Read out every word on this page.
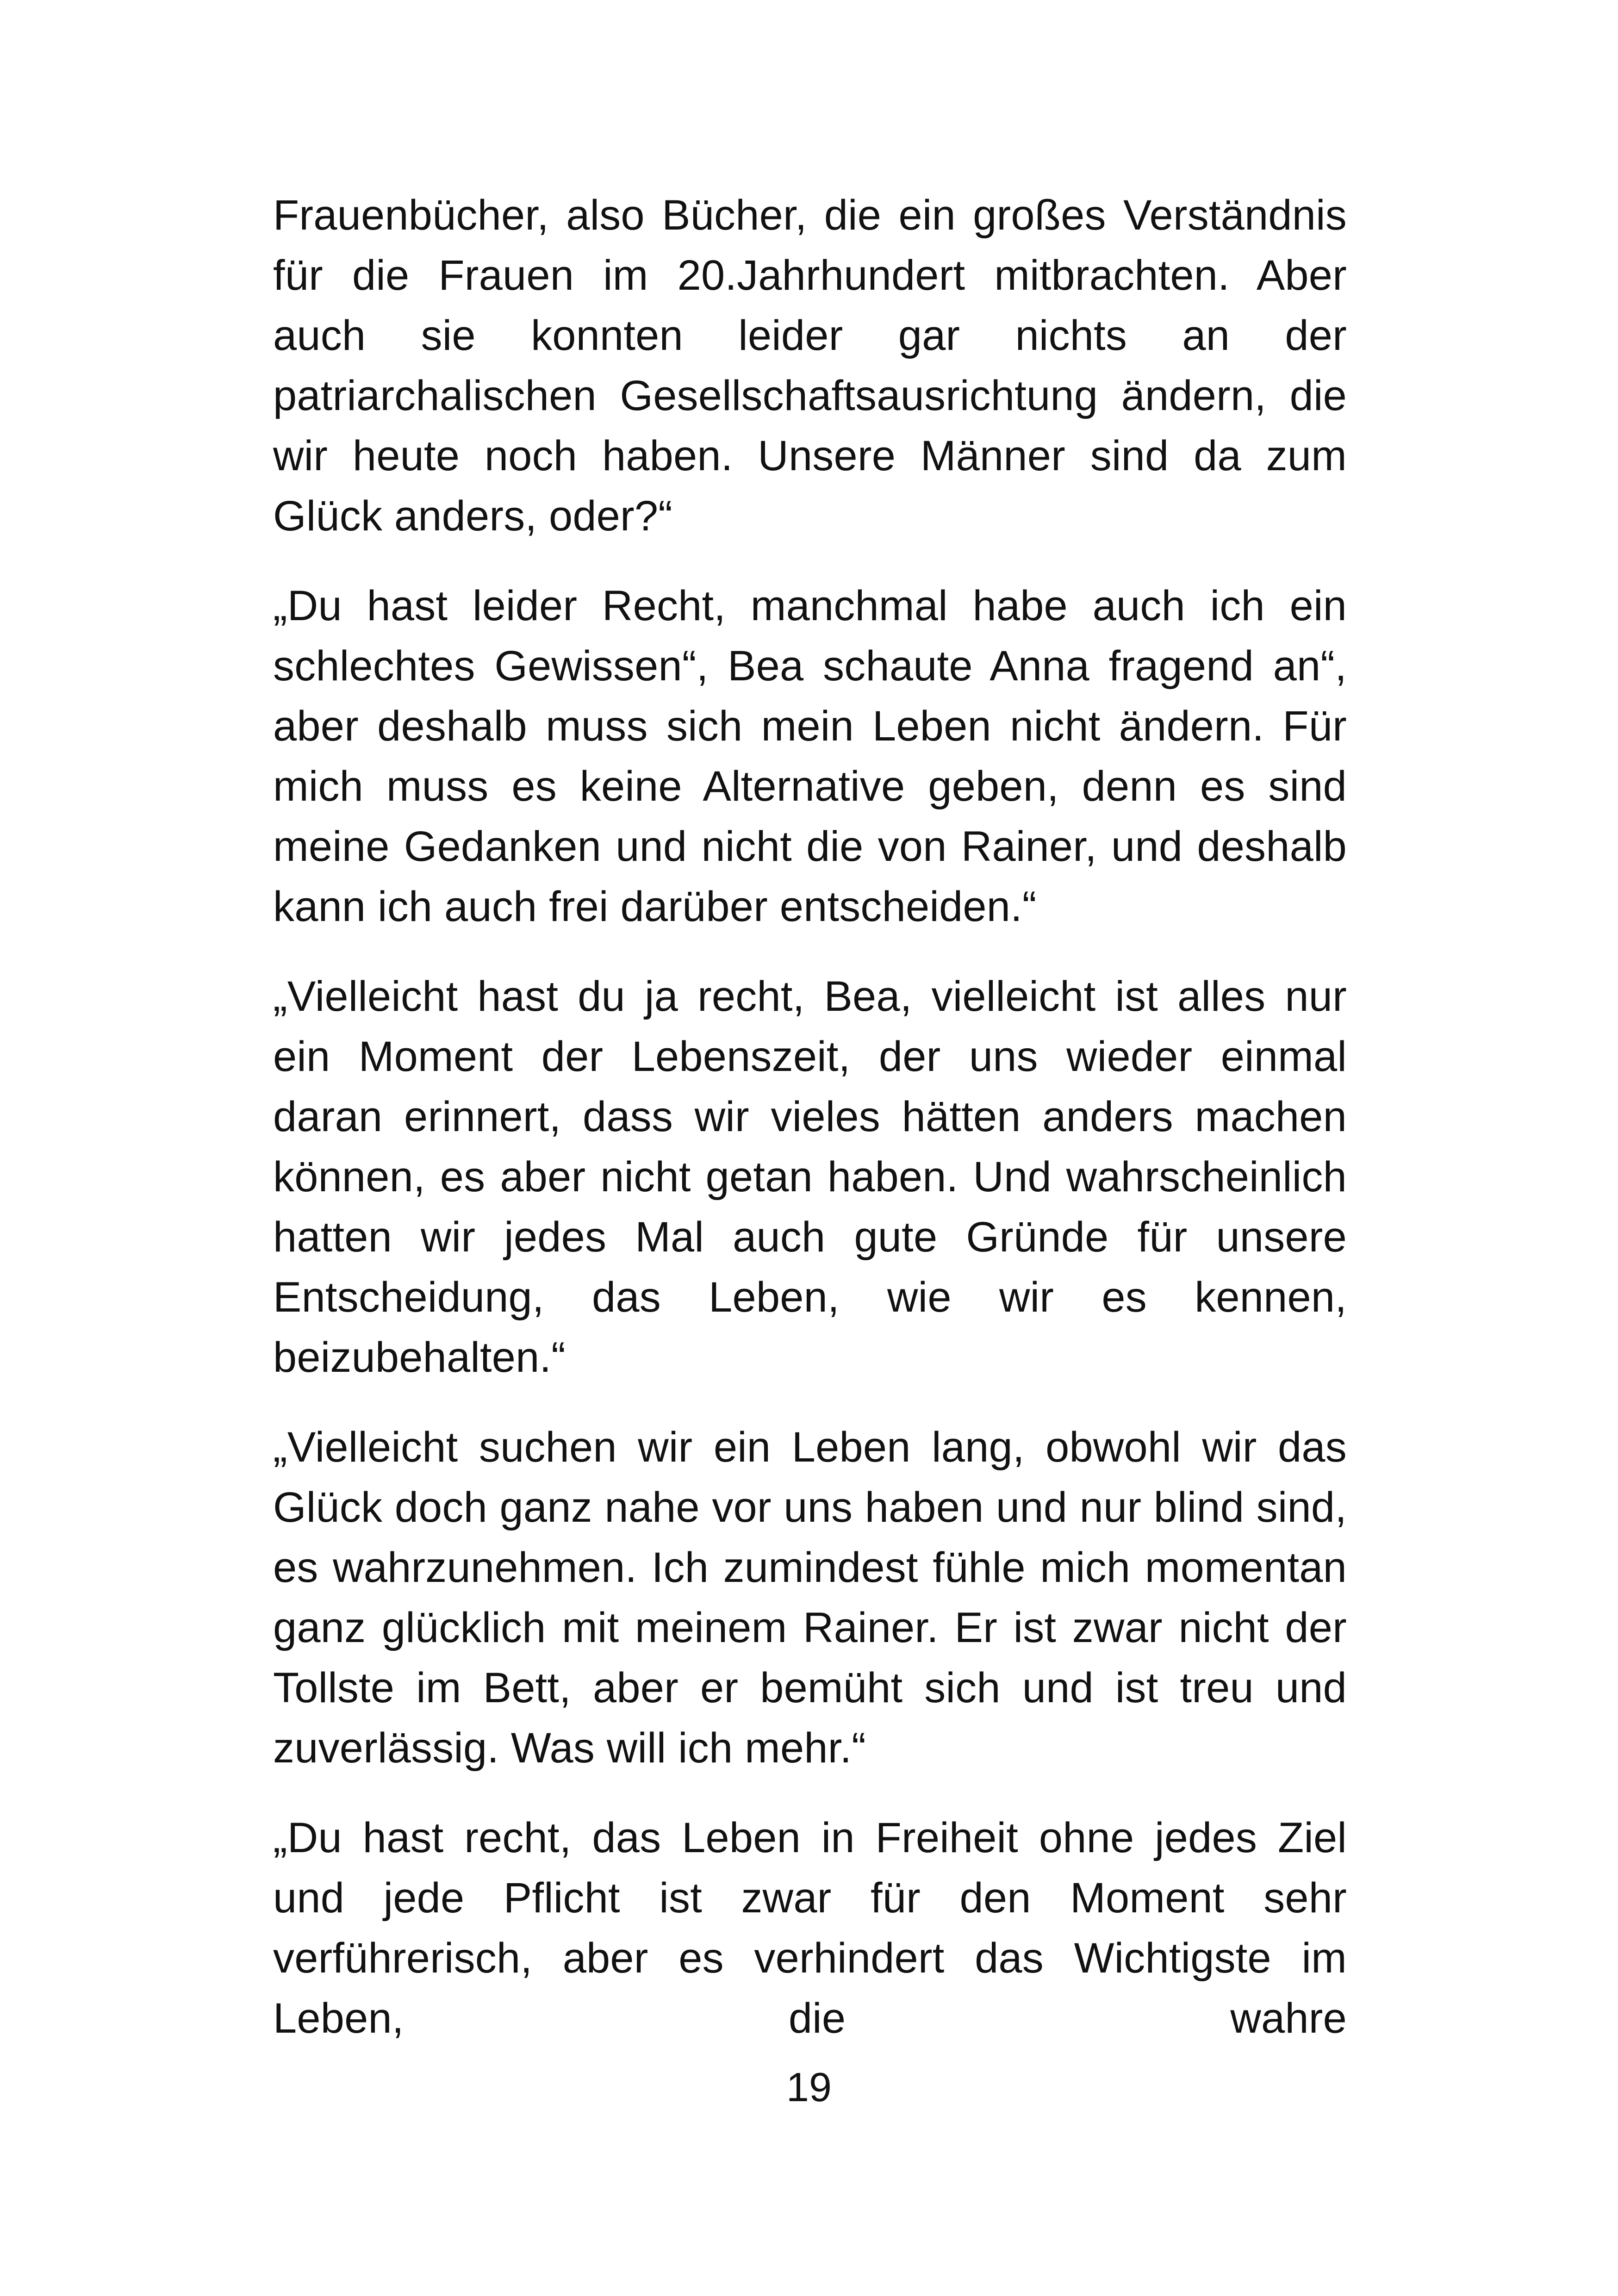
Frauenbücher, also Bücher, die ein großes Verständnis für die Frauen im 20.Jahrhundert mitbrachten. Aber auch sie konnten leider gar nichts an der patriarchalischen Gesellschaftsausrichtung ändern, die wir heute noch haben. Unsere Männer sind da zum Glück anders, oder?“

„Du hast leider Recht, manchmal habe auch ich ein schlechtes Gewissen“, Bea schaute Anna fragend an“, aber deshalb muss sich mein Leben nicht ändern. Für mich muss es keine Alternative geben, denn es sind meine Gedanken und nicht die von Rainer, und deshalb kann ich auch frei darüber entscheiden.“

„Vielleicht hast du ja recht, Bea, vielleicht ist alles nur ein Moment der Lebenszeit, der uns wieder einmal daran erinnert, dass wir vieles hätten anders machen können, es aber nicht getan haben. Und wahrscheinlich hatten wir jedes Mal auch gute Gründe für unsere Entscheidung, das Leben, wie wir es kennen, beizubehalten.“

„Vielleicht suchen wir ein Leben lang, obwohl wir das Glück doch ganz nahe vor uns haben und nur blind sind, es wahrzunehmen. Ich zumindest fühle mich momentan ganz glücklich mit meinem Rainer. Er ist zwar nicht der Tollste im Bett, aber er bemüht sich und ist treu und zuverlässig. Was will ich mehr.“

„Du hast recht, das Leben in Freiheit ohne jedes Ziel und jede Pflicht ist zwar für den Moment sehr verführerisch, aber es verhindert das Wichtigste im Leben, die wahre

19
